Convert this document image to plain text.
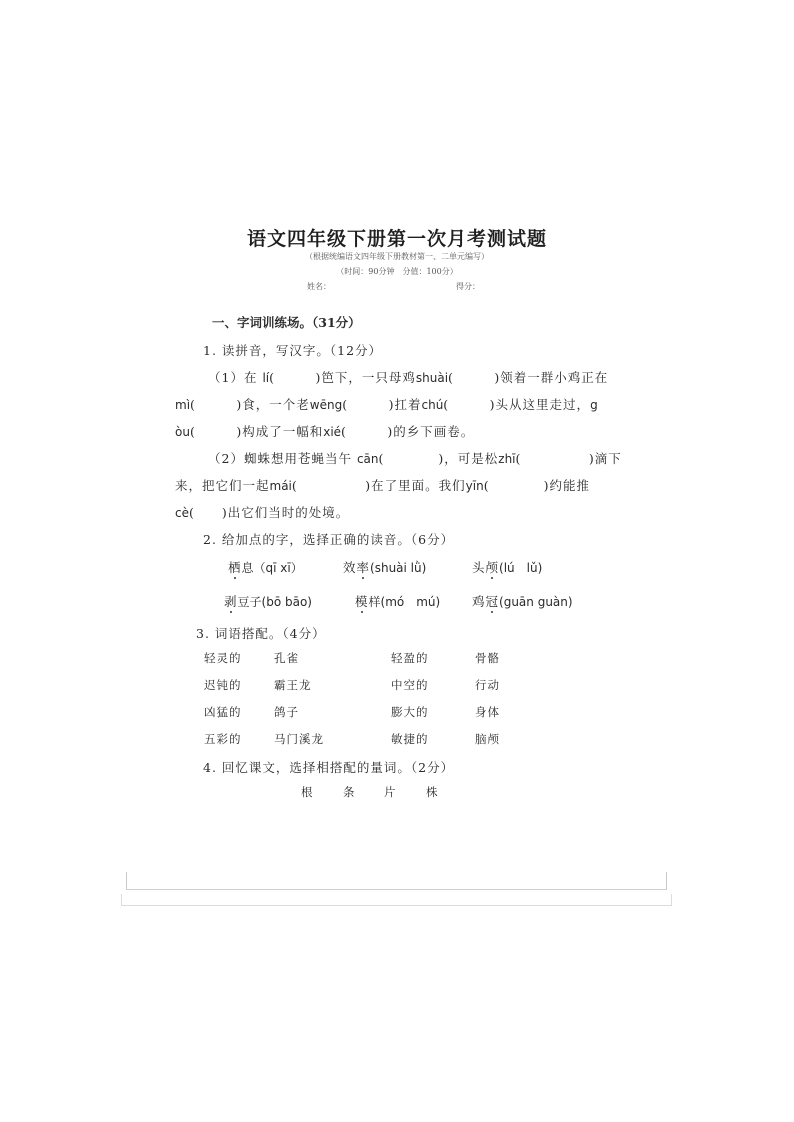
语文四年级下册第一次月考测试题
（根据统编语文四年级下册教材第一、二单元编写）
（时间：90分钟　分值：100分）
姓名：	得分：
一、字词训练场。（31分）
1. 读拼音，写汉字。（12分）
（1）在 lí(　　　)笆下，一只母鸡shuài(　　　)领着一群小鸡正在
mì(　　　)食，一个老wēng(　　　)扛着chú(　　　)头从这里走过，g
òu(　　　)构成了一幅和xié(　　　)的乡下画卷。
（2）蜘蛛想用苍蝇当午 cān(　　　　)，可是松zhī(　　　　　)滴下
来，把它们一起mái(　　　　　)在了里面。我们yīn(　　　　)约能推
cè(　　)出它们当时的处境。
2. 给加点的字，选择正确的读音。（6分）
栖息（qī xī）	效率(shuài lǜ)	头颅(lú　lǔ)
剥豆子(bō bāo)	模样(mó　mú)	鸡冠(guān guàn)
3. 词语搭配。（4分）
轻灵的	孔雀	轻盈的	骨骼
迟钝的	霸王龙	中空的	行动
凶猛的	鸽子	膨大的	身体
五彩的	马门溪龙	敏捷的	脑颅
4. 回忆课文，选择相搭配的量词。（2分）
根	条 片	株
